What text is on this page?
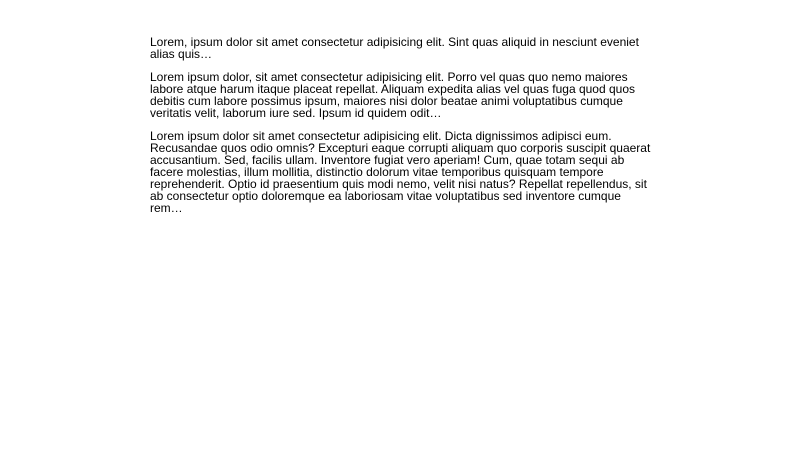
Lorem, ipsum dolor sit amet consectetur adipisicing elit. Sint quas aliquid in nesciunt eveniet alias quis…

Lorem ipsum dolor, sit amet consectetur adipisicing elit. Porro vel quas quo nemo maiores labore atque harum itaque placeat repellat. Aliquam expedita alias vel quas fuga quod quos debitis cum labore possimus ipsum, maiores nisi dolor beatae animi voluptatibus cumque veritatis velit, laborum iure sed. Ipsum id quidem odit…

Lorem ipsum dolor sit amet consectetur adipisicing elit. Dicta dignissimos adipisci eum. Recusandae quos odio omnis? Excepturi eaque corrupti aliquam quo corporis suscipit quaerat accusantium. Sed, facilis ullam. Inventore fugiat vero aperiam! Cum, quae totam sequi ab facere molestias, illum mollitia, distinctio dolorum vitae temporibus quisquam tempore reprehenderit. Optio id praesentium quis modi nemo, velit nisi natus? Repellat repellendus, sit ab consectetur optio doloremque ea laboriosam vitae voluptatibus sed inventore cumque rem…
